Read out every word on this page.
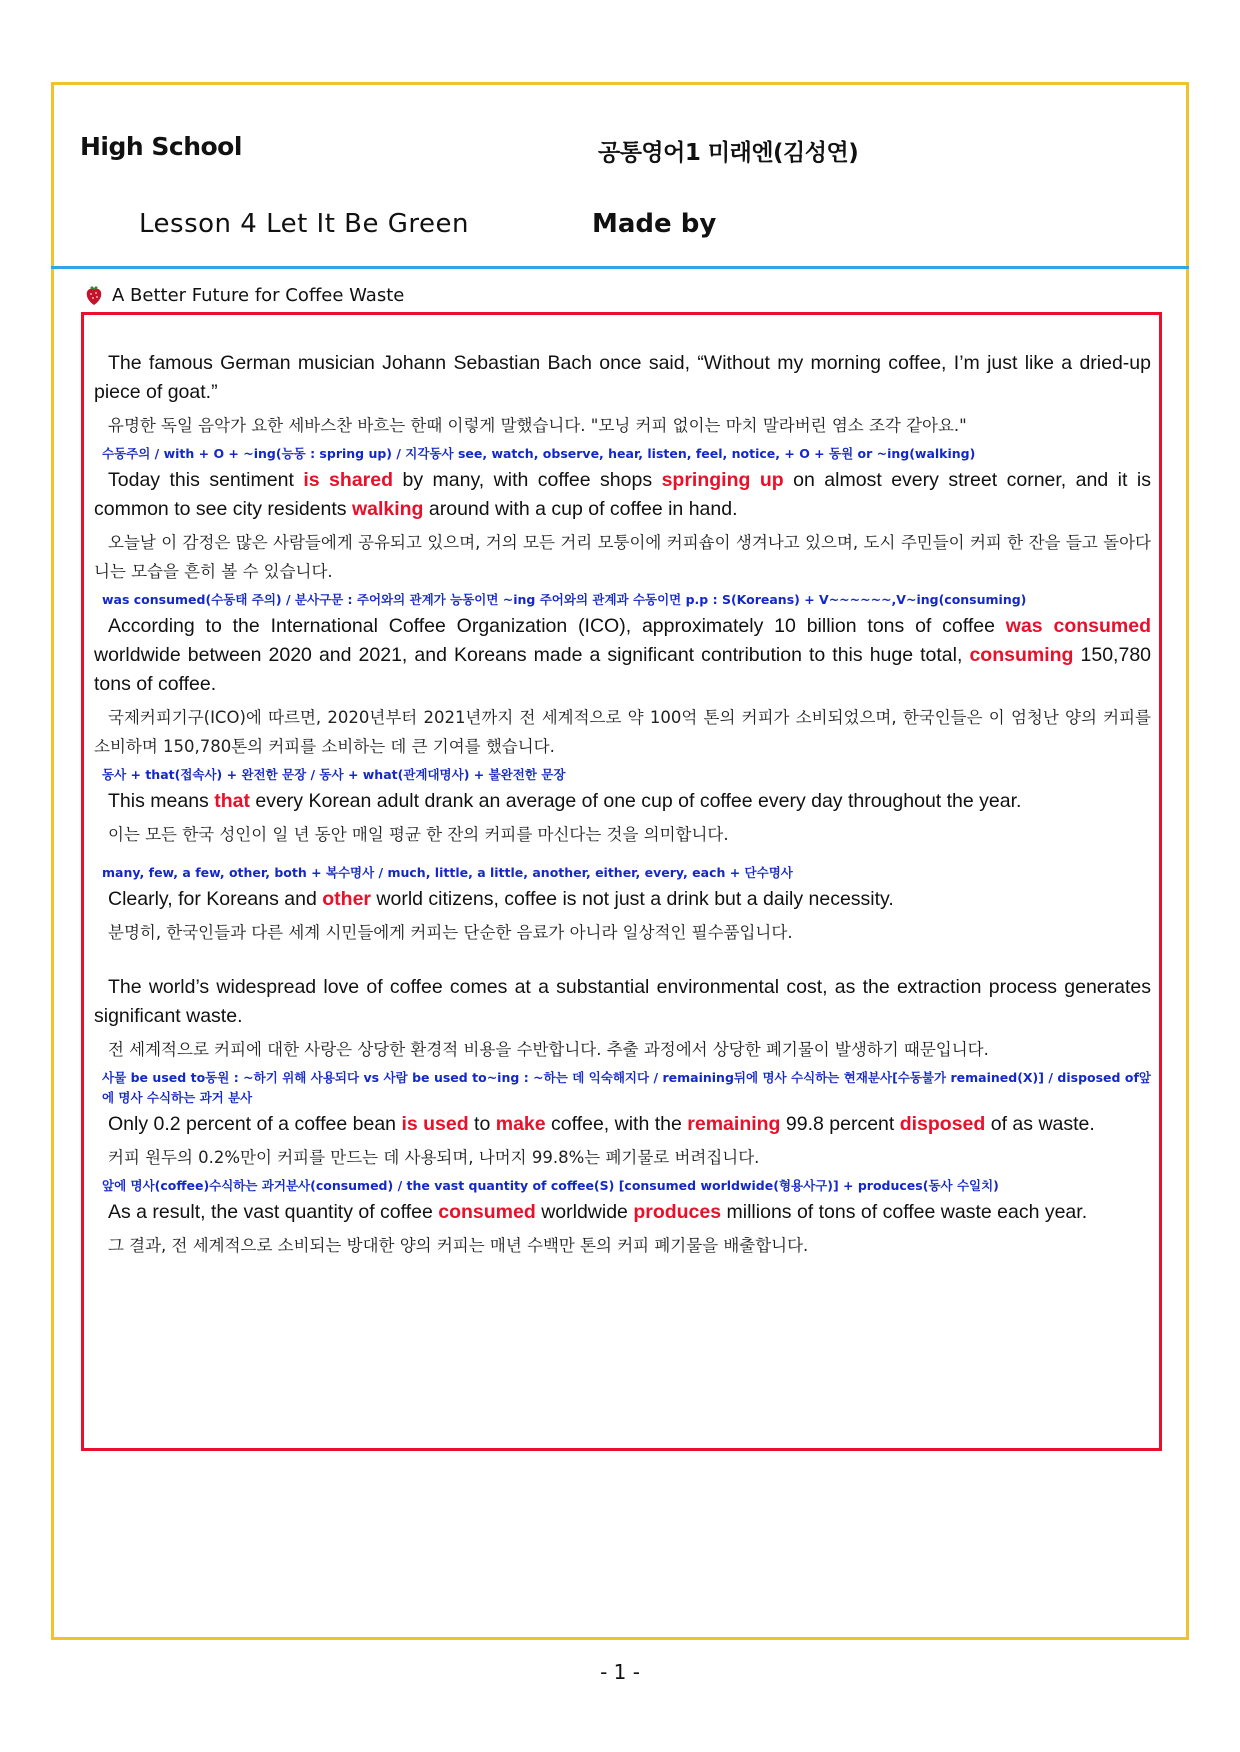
High School	공통영어1 미래엔(김성연)
Lesson 4 Let It Be Green	Made by
A Better Future for Coffee Waste

The famous German musician Johann Sebastian Bach once said, “Without my morning coffee, I’m just like a dried-up piece of goat.”

유명한 독일 음악가 요한 세바스찬 바흐는 한때 이렇게 말했습니다. "모닝 커피 없이는 마치 말라버린 염소 조각 같아요."

수동주의 / with + O + ~ing(능동 : spring up) / 지각동사 see, watch, observe, hear, listen, feel, notice, + O + 동원 or ~ing(walking)

Today this sentiment is shared by many, with coffee shops springing up on almost every street corner, and it is common to see city residents walking around with a cup of coffee in hand.

오늘날 이 감정은 많은 사람들에게 공유되고 있으며, 거의 모든 거리 모퉁이에 커피숍이 생겨나고 있으며, 도시 주민들이 커피 한 잔을 들고 돌아다니는 모습을 흔히 볼 수 있습니다.

was consumed(수동태 주의) / 분사구문 : 주어와의 관계가 능동이면 ~ing 주어와의 관계과 수동이면 p.p : S(Koreans) + V~~~~~~,V~ing(consuming)

According to the International Coffee Organization (ICO), approximately 10 billion tons of coffee was consumed worldwide between 2020 and 2021, and Koreans made a significant contribution to this huge total, consuming 150,780 tons of coffee.

국제커피기구(ICO)에 따르면, 2020년부터 2021년까지 전 세계적으로 약 100억 톤의 커피가 소비되었으며, 한국인들은 이 엄청난 양의 커피를 소비하며 150,780톤의 커피를 소비하는 데 큰 기여를 했습니다.

동사 + that(접속사) + 완전한 문장 / 동사 + what(관계대명사) + 불완전한 문장

This means that every Korean adult drank an average of one cup of coffee every day throughout the year.

이는 모든 한국 성인이 일 년 동안 매일 평균 한 잔의 커피를 마신다는 것을 의미합니다.

many, few, a few, other, both + 복수명사 / much, little, a little, another, either, every, each + 단수명사

Clearly, for Koreans and other world citizens, coffee is not just a drink but a daily necessity.

분명히, 한국인들과 다른 세계 시민들에게 커피는 단순한 음료가 아니라 일상적인 필수품입니다.

The world’s widespread love of coffee comes at a substantial environmental cost, as the extraction process generates significant waste.

전 세계적으로 커피에 대한 사랑은 상당한 환경적 비용을 수반합니다. 추출 과정에서 상당한 폐기물이 발생하기 때문입니다.

사물 be used to동원 : ~하기 위해 사용되다 vs 사람 be used to~ing : ~하는 데 익숙해지다 / remaining뒤에 명사 수식하는 현재분사[수동불가 remained(X)] / disposed of앞에 명사 수식하는 과거 분사

Only 0.2 percent of a coffee bean is used to make coffee, with the remaining 99.8 percent disposed of as waste.

커피 원두의 0.2%만이 커피를 만드는 데 사용되며, 나머지 99.8%는 폐기물로 버려집니다.

앞에 명사(coffee)수식하는 과거분사(consumed) / the vast quantity of coffee(S) [consumed worldwide(형용사구)] + produces(동사 수일치)

As a result, the vast quantity of coffee consumed worldwide produces millions of tons of coffee waste each year.

그 결과, 전 세계적으로 소비되는 방대한 양의 커피는 매년 수백만 톤의 커피 폐기물을 배출합니다.

- 1 -
